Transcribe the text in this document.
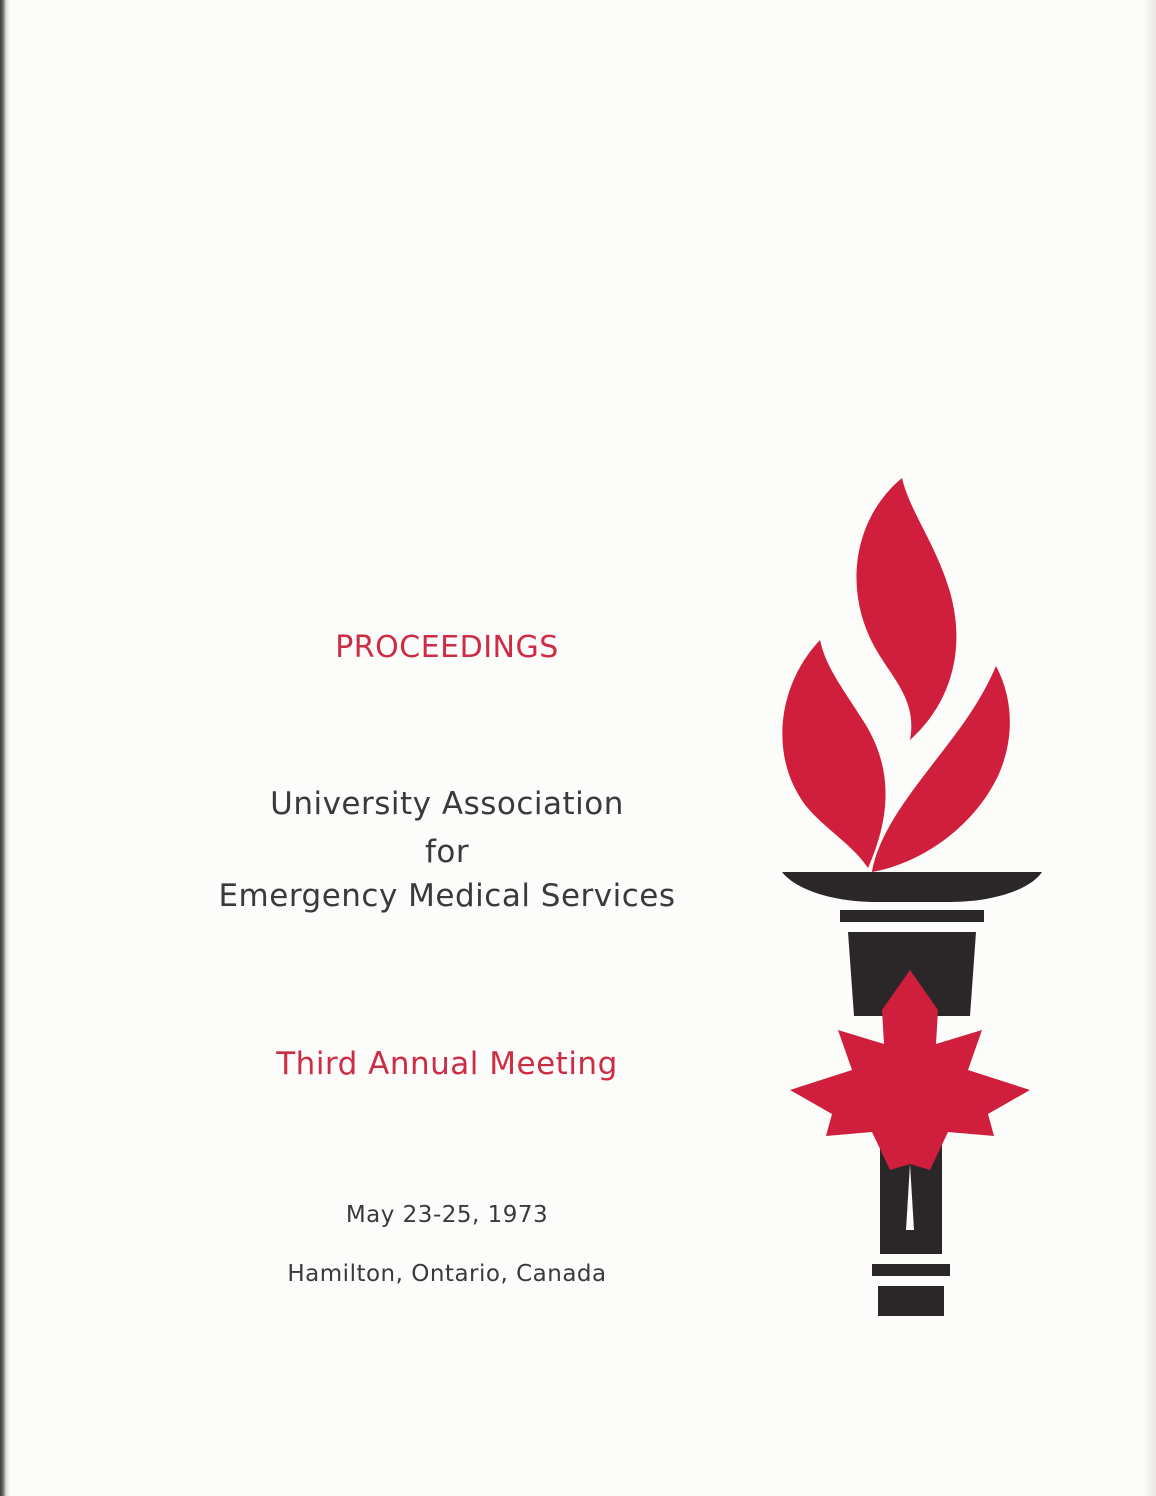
PROCEEDINGS
University Association
for
Emergency Medical Services
Third Annual Meeting
May 23-25, 1973
Hamilton, Ontario, Canada
